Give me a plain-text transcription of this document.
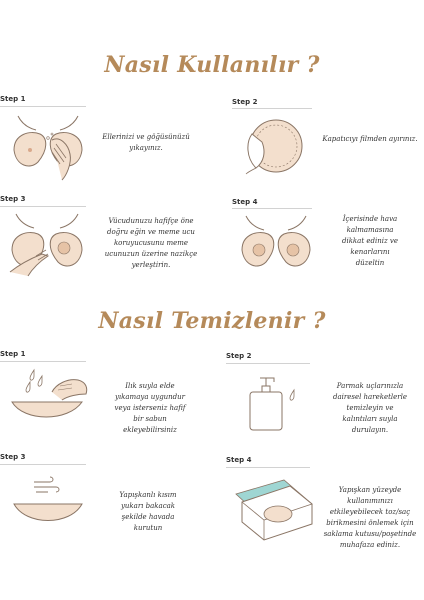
Nasıl Kullanılır ?
Step 1
Ellerinizi ve göğüsünüzü
yıkayınız.
Step 2
Kapatıcıyı filmden ayırınız.
Step 3
Vücudunuzu hafifçe öne
doğru eğin ve meme ucu
koruyucusunu meme
ucunuzun üzerine nazikçe
yerleştirin.
Step 4
İçerisinde hava
kalmamasına
dikkat ediniz ve
kenarlarını
düzeltin
Nasıl Temizlenir ?
Step 1
Ilık suyla elde
yıkamaya uygundur
veya isterseniz hafif
bir sabun
ekleyebilirsiniz
Step 2
Parmak uçlarınızla
dairesel hareketlerle
temizleyin ve
kalıntıları suyla
durulayın.
Step 3
Yapışkanlı kısım
yukarı bakacak
şekilde havada
kurutun
Step 4
Yapışkan yüzeyde kullanımınızı
etkileyebilecek toz/saç
birikmesini önlemek için
saklama kutusu/poşetinde
muhafaza ediniz.
